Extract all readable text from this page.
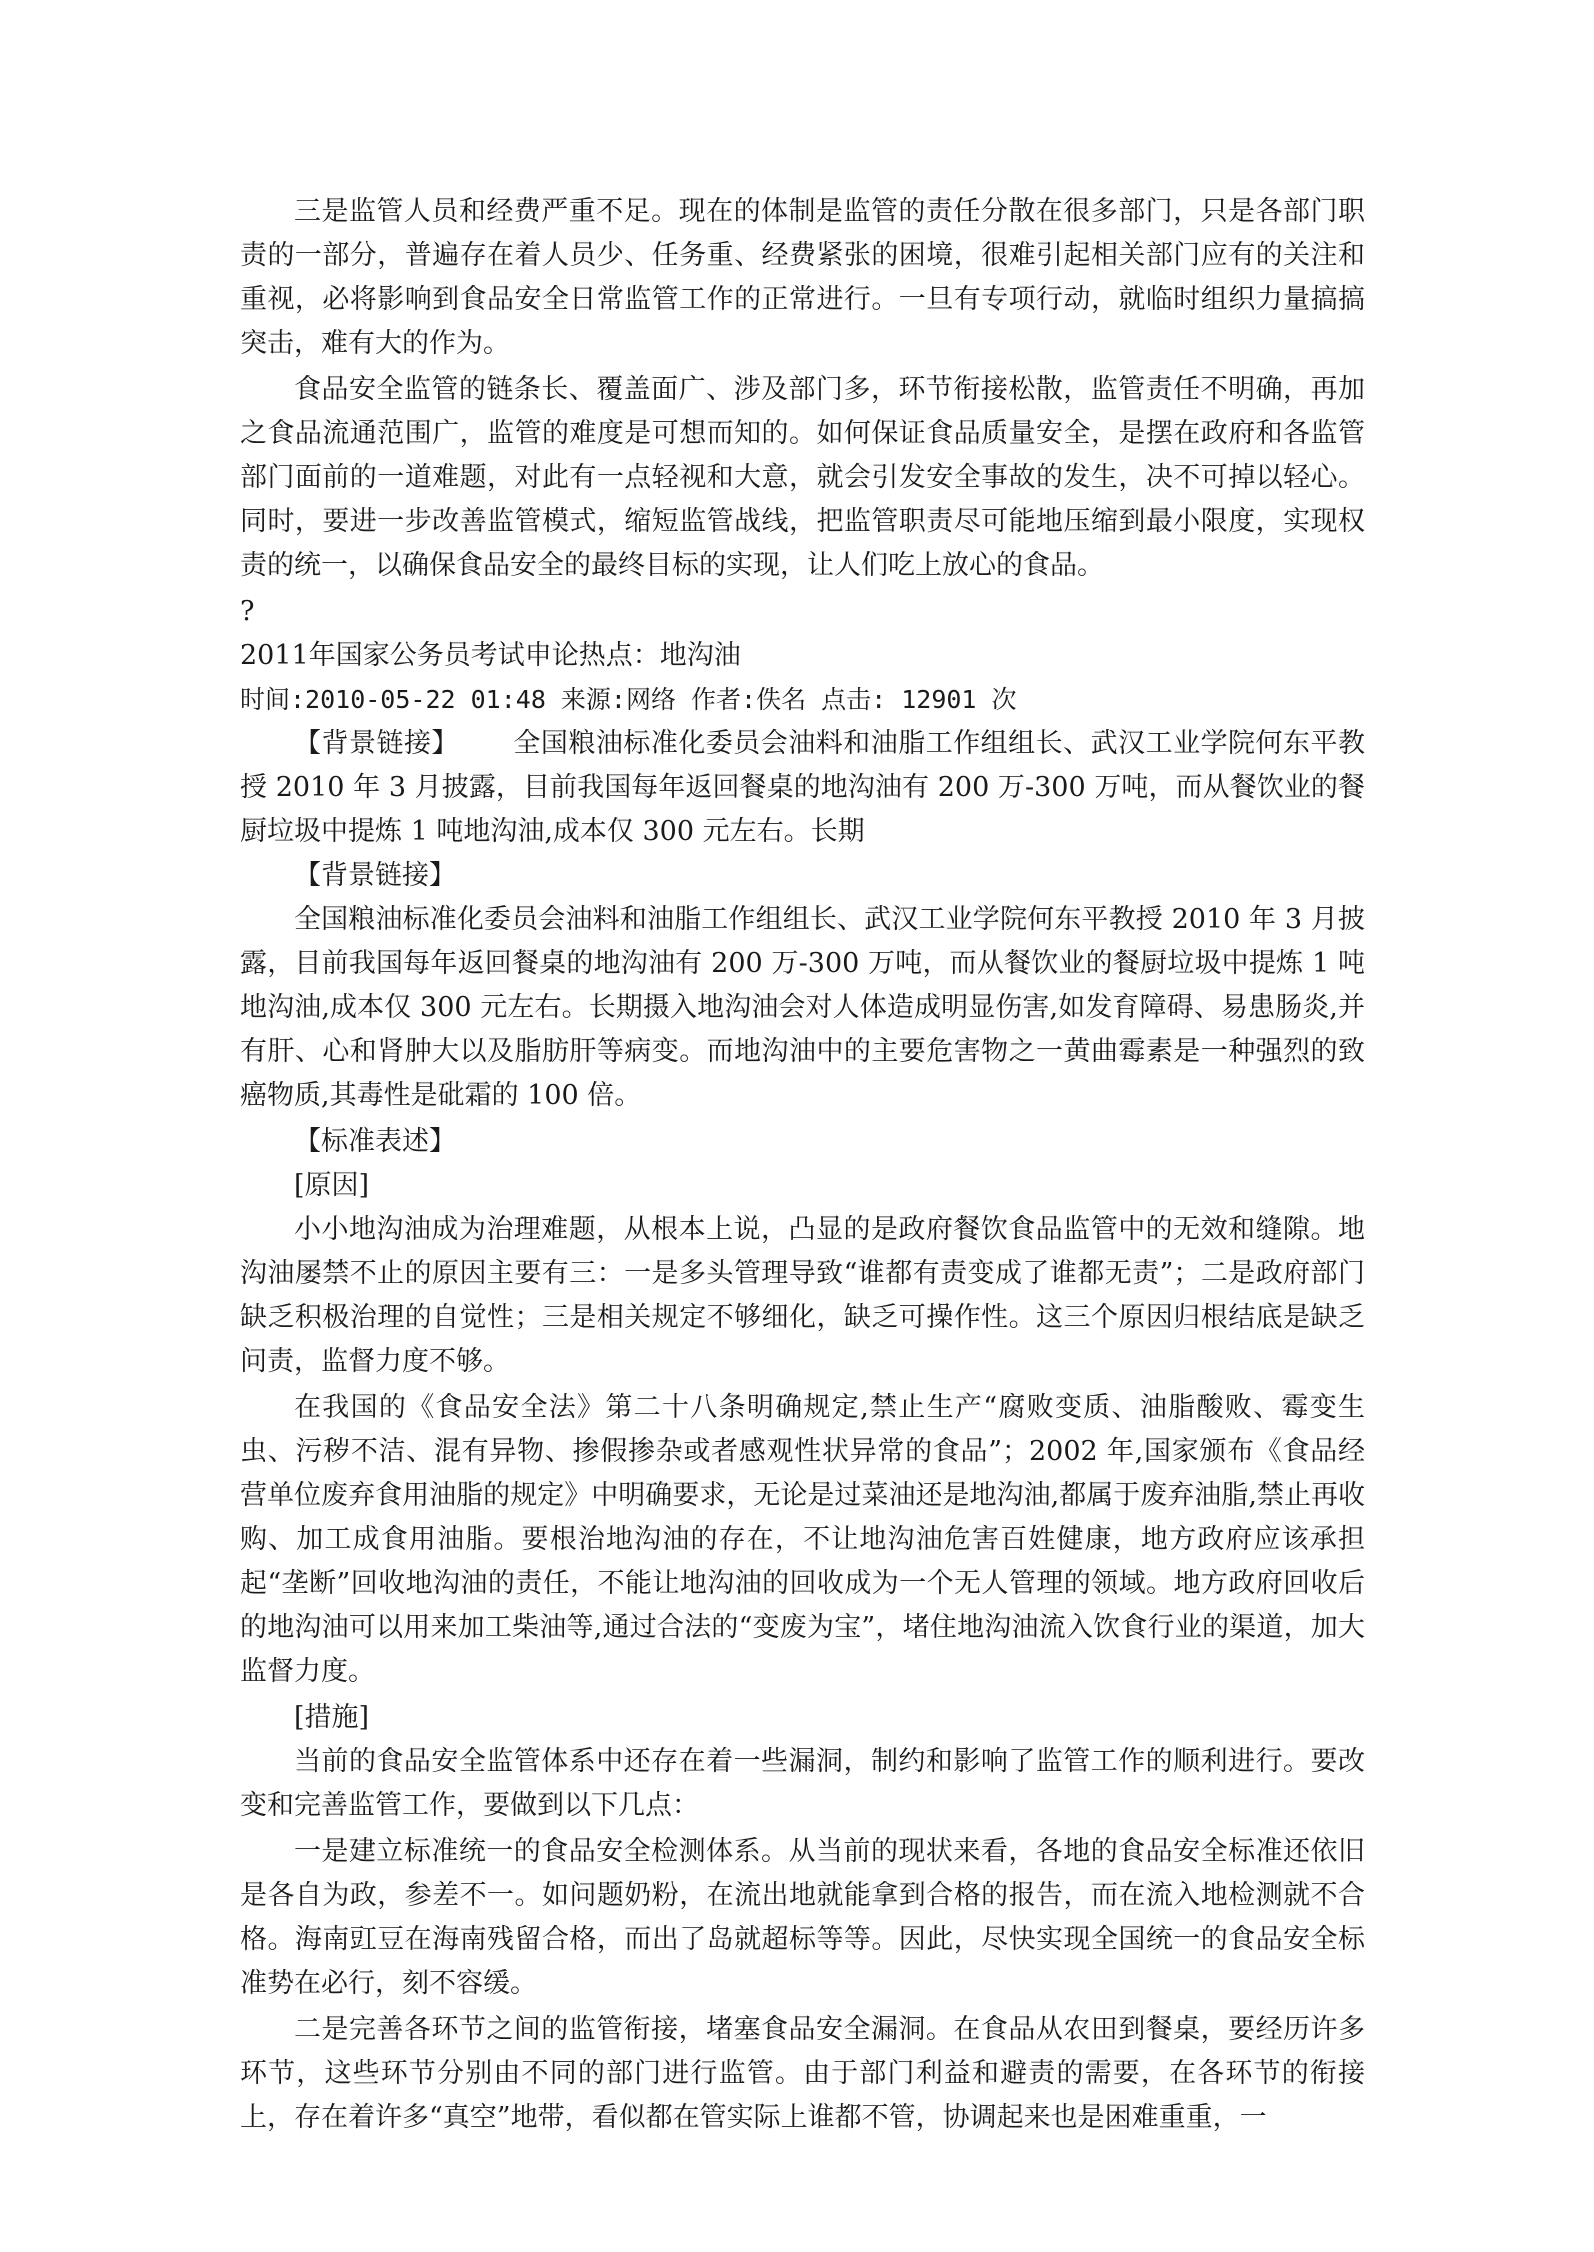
三是监管人员和经费严重不足。现在的体制是监管的责任分散在很多部门，只是各部门职责的一部分，普遍存在着人员少、任务重、经费紧张的困境，很难引起相关部门应有的关注和重视，必将影响到食品安全日常监管工作的正常进行。一旦有专项行动，就临时组织力量搞搞突击，难有大的作为。

食品安全监管的链条长、覆盖面广、涉及部门多，环节衔接松散，监管责任不明确，再加之食品流通范围广，监管的难度是可想而知的。如何保证食品质量安全，是摆在政府和各监管部门面前的一道难题，对此有一点轻视和大意，就会引发安全事故的发生，决不可掉以轻心。同时，要进一步改善监管模式，缩短监管战线，把监管职责尽可能地压缩到最小限度，实现权责的统一，以确保食品安全的最终目标的实现，让人们吃上放心的食品。

?

2011年国家公务员考试申论热点：地沟油

时间:2010-05-22 01:48 来源:网络 作者:佚名 点击: 12901 次

【背景链接】   全国粮油标准化委员会油料和油脂工作组组长、武汉工业学院何东平教授 2010 年 3 月披露，目前我国每年返回餐桌的地沟油有 200 万-300 万吨，而从餐饮业的餐厨垃圾中提炼 1 吨地沟油,成本仅 300 元左右。长期

【背景链接】

全国粮油标准化委员会油料和油脂工作组组长、武汉工业学院何东平教授 2010 年 3 月披露，目前我国每年返回餐桌的地沟油有 200 万-300 万吨，而从餐饮业的餐厨垃圾中提炼 1 吨地沟油,成本仅 300 元左右。长期摄入地沟油会对人体造成明显伤害,如发育障碍、易患肠炎,并有肝、心和肾肿大以及脂肪肝等病变。而地沟油中的主要危害物之一黄曲霉素是一种强烈的致癌物质,其毒性是砒霜的 100 倍。

【标准表述】

[原因]

小小地沟油成为治理难题，从根本上说，凸显的是政府餐饮食品监管中的无效和缝隙。地沟油屡禁不止的原因主要有三：一是多头管理导致“谁都有责变成了谁都无责”；二是政府部门缺乏积极治理的自觉性；三是相关规定不够细化，缺乏可操作性。这三个原因归根结底是缺乏问责，监督力度不够。

在我国的《食品安全法》第二十八条明确规定,禁止生产“腐败变质、油脂酸败、霉变生虫、污秽不洁、混有异物、掺假掺杂或者感观性状异常的食品”；2002 年,国家颁布《食品经营单位废弃食用油脂的规定》中明确要求，无论是过菜油还是地沟油,都属于废弃油脂,禁止再收购、加工成食用油脂。要根治地沟油的存在，不让地沟油危害百姓健康，地方政府应该承担起“垄断”回收地沟油的责任，不能让地沟油的回收成为一个无人管理的领域。地方政府回收后的地沟油可以用来加工柴油等,通过合法的“变废为宝”，堵住地沟油流入饮食行业的渠道，加大监督力度。

[措施]

当前的食品安全监管体系中还存在着一些漏洞，制约和影响了监管工作的顺利进行。要改变和完善监管工作，要做到以下几点：

一是建立标准统一的食品安全检测体系。从当前的现状来看，各地的食品安全标准还依旧是各自为政，参差不一。如问题奶粉，在流出地就能拿到合格的报告，而在流入地检测就不合格。海南豇豆在海南残留合格，而出了岛就超标等等。因此，尽快实现全国统一的食品安全标准势在必行，刻不容缓。

二是完善各环节之间的监管衔接，堵塞食品安全漏洞。在食品从农田到餐桌，要经历许多环节，这些环节分别由不同的部门进行监管。由于部门利益和避责的需要，在各环节的衔接上，存在着许多“真空”地带，看似都在管实际上谁都不管，协调起来也是困难重重，一
